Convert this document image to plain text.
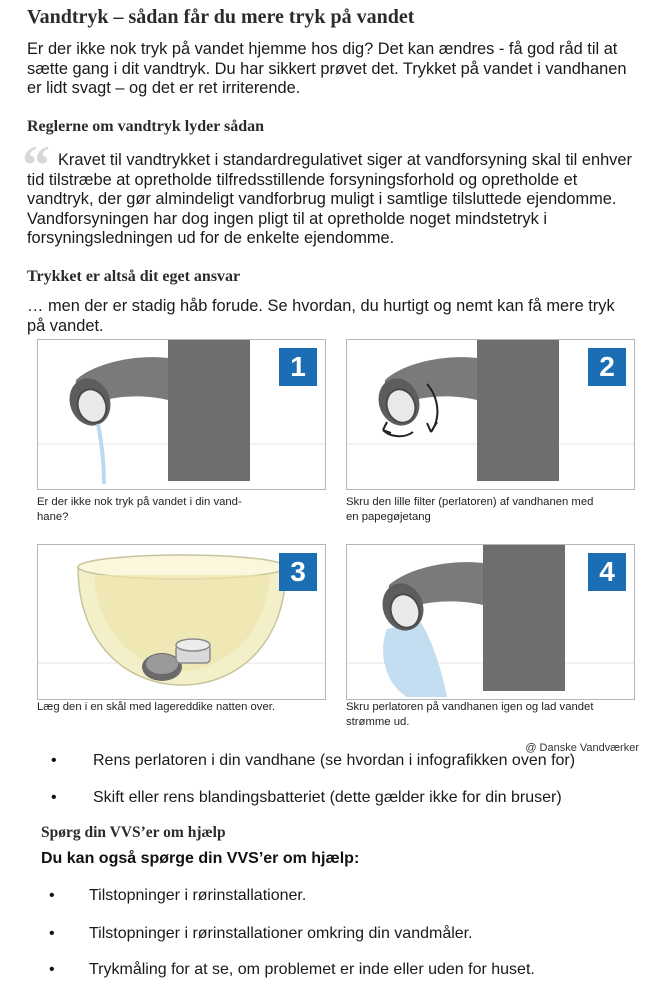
Vandtryk – sådan får du mere tryk på vandet
Er der ikke nok tryk på vandet hjemme hos dig? Det kan ændres - få god råd til at
sætte gang i dit vandtryk. Du har sikkert prøvet det. Trykket på vandet i vandhanen
er lidt svagt – og det er ret irriterende.
Reglerne om vandtryk lyder sådan
“ Kravet til vandtrykket i standardregulativet siger at vandforsyning skal til enhver
tid tilstræbe at opretholde tilfredsstillende forsyningsforhold og opretholde et
vandtryk, der gør almindeligt vandforbrug muligt i samtlige tilsluttede ejendomme.
Vandforsyningen har dog ingen pligt til at opretholde noget mindstetryk i
forsyningsledningen ud for de enkelte ejendomme.
Trykket er altså dit eget ansvar
… men der er stadig håb forude. Se hvordan, du hurtigt og nemt kan få mere tryk
på vandet.
1
Er der ikke nok tryk på vandet i din vand-
hane?
2
Skru den lille filter (perlatoren) af vandhanen med
en papegøjetang
3
Læg den i en skål med lagereddike natten over.
4
Skru perlatoren på vandhanen igen og lad vandet
strømme ud.
@ Danske Vandværker
• Rens perlatoren i din vandhane (se hvordan i infografikken oven for)
• Skift eller rens blandingsbatteriet (dette gælder ikke for din bruser)
Spørg din VVS’er om hjælp
Du kan også spørge din VVS’er om hjælp:
• Tilstopninger i rørinstallationer.
• Tilstopninger i rørinstallationer omkring din vandmåler.
• Trykmåling for at se, om problemet er inde eller uden for huset.
